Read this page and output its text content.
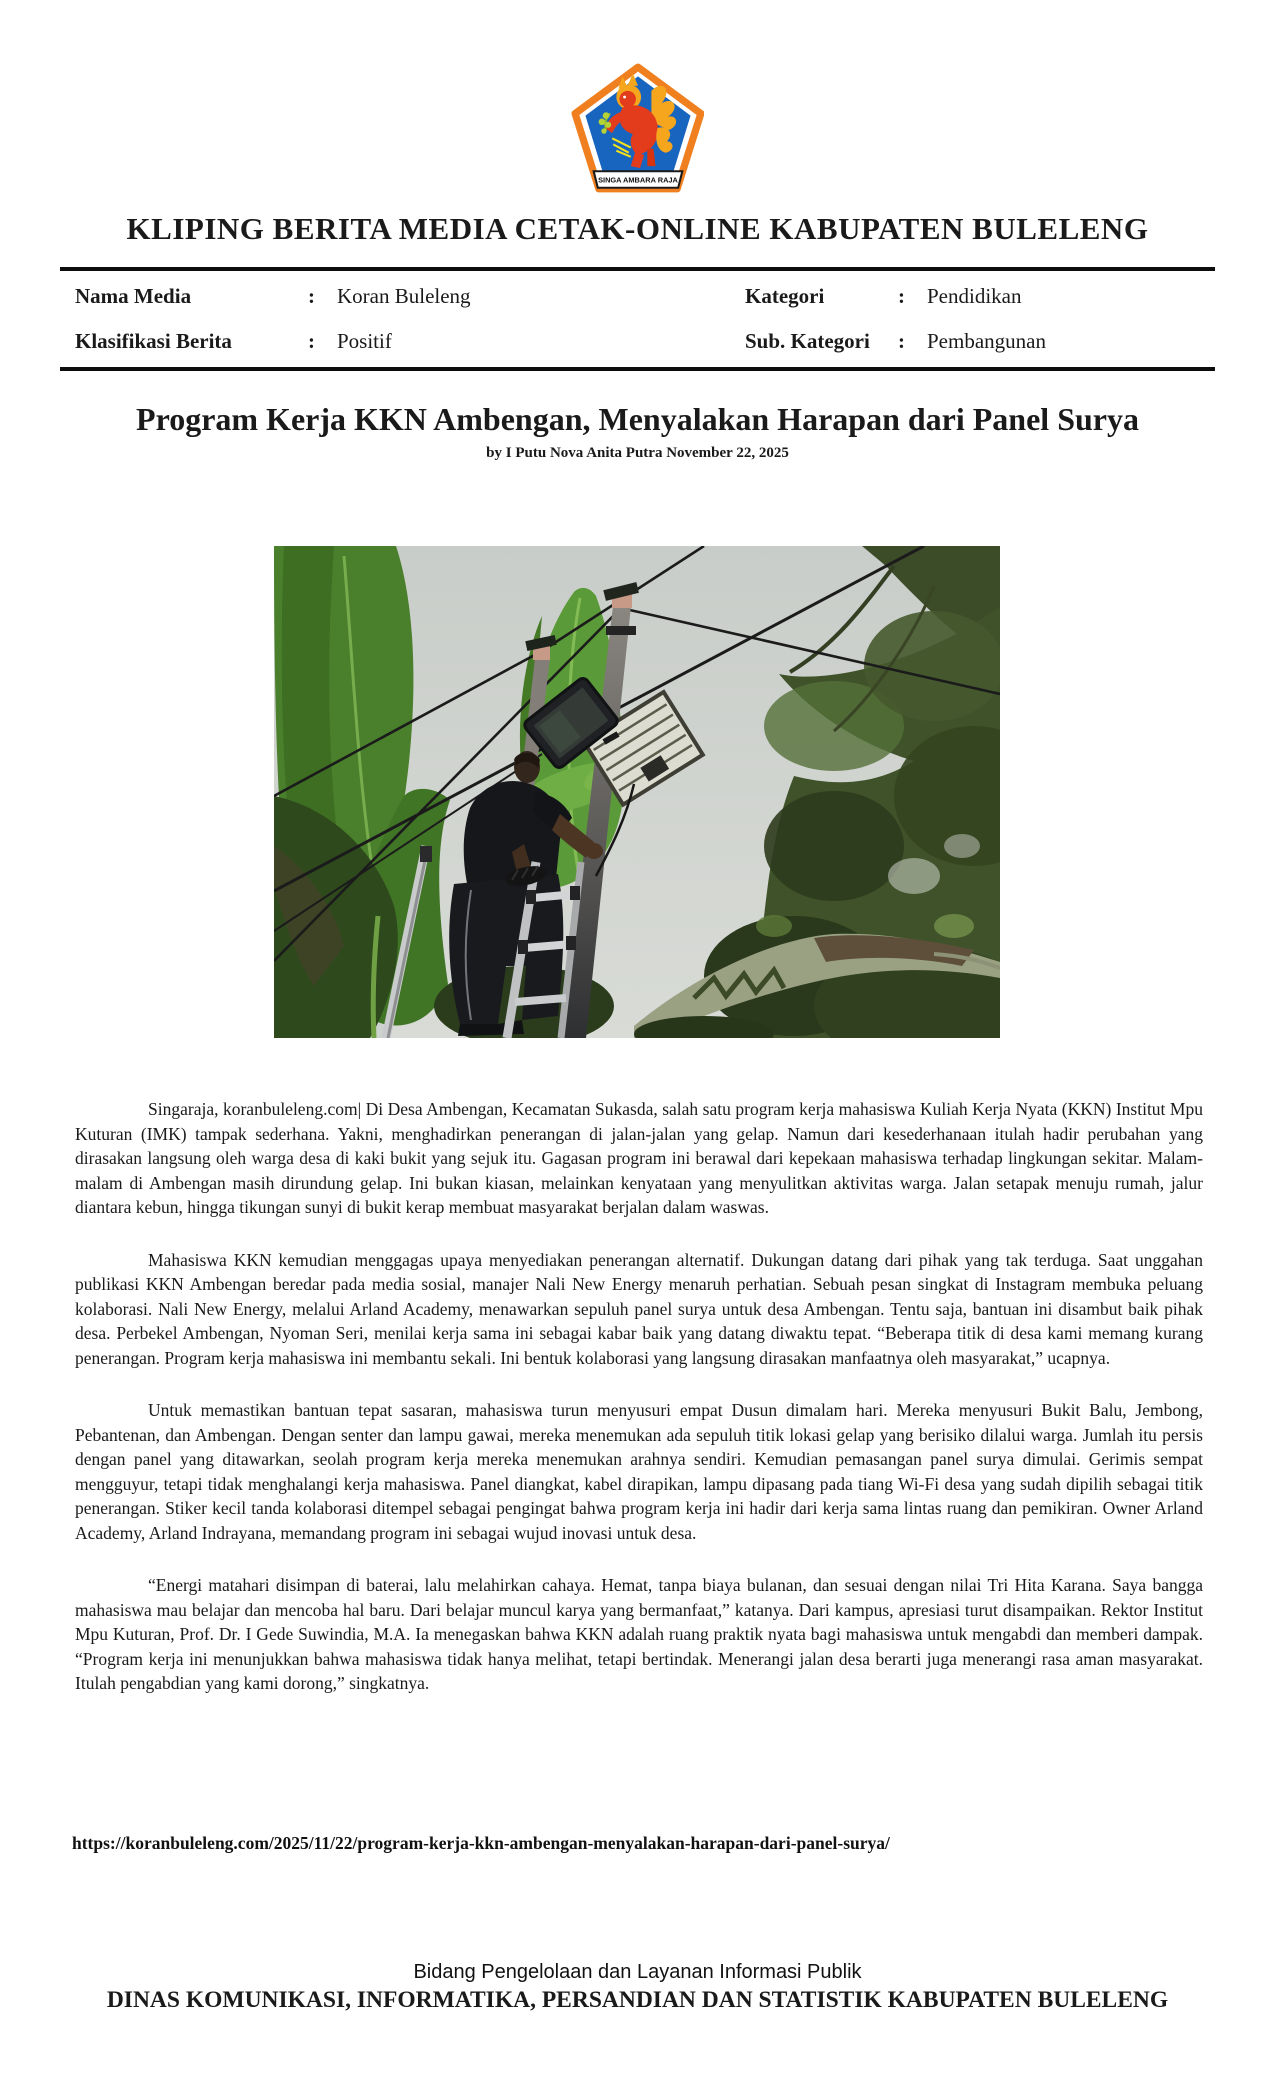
SINGA AMBARA RAJA
KLIPING BERITA MEDIA CETAK-ONLINE KABUPATEN BULELENG
Nama Media	: Koran Buleleng	Kategori	: Pendidikan
Klasifikasi Berita	: Positif	Sub. Kategori : Pembangunan
Program Kerja KKN Ambengan, Menyalakan Harapan dari Panel Surya
by I Putu Nova Anita Putra November 22, 2025

Singaraja, koranbuleleng.com| Di Desa Ambengan, Kecamatan Sukasda, salah satu program kerja mahasiswa Kuliah Kerja Nyata (KKN) Institut Mpu Kuturan (IMK) tampak sederhana. Yakni, menghadirkan penerangan di jalan-jalan yang gelap. Namun dari kesederhanaan itulah hadir perubahan yang dirasakan langsung oleh warga desa di kaki bukit yang sejuk itu. Gagasan program ini berawal dari kepekaan mahasiswa terhadap lingkungan sekitar. Malam-malam di Ambengan masih dirundung gelap. Ini bukan kiasan, melainkan kenyataan yang menyulitkan aktivitas warga. Jalan setapak menuju rumah, jalur diantara kebun, hingga tikungan sunyi di bukit kerap membuat masyarakat berjalan dalam waswas.

Mahasiswa KKN kemudian menggagas upaya menyediakan penerangan alternatif. Dukungan datang dari pihak yang tak terduga. Saat unggahan publikasi KKN Ambengan beredar pada media sosial, manajer Nali New Energy menaruh perhatian. Sebuah pesan singkat di Instagram membuka peluang kolaborasi. Nali New Energy, melalui Arland Academy, menawarkan sepuluh panel surya untuk desa Ambengan. Tentu saja, bantuan ini disambut baik pihak desa. Perbekel Ambengan, Nyoman Seri, menilai kerja sama ini sebagai kabar baik yang datang diwaktu tepat. “Beberapa titik di desa kami memang kurang penerangan. Program kerja mahasiswa ini membantu sekali. Ini bentuk kolaborasi yang langsung dirasakan manfaatnya oleh masyarakat,” ucapnya.

Untuk memastikan bantuan tepat sasaran, mahasiswa turun menyusuri empat Dusun dimalam hari. Mereka menyusuri Bukit Balu, Jembong, Pebantenan, dan Ambengan. Dengan senter dan lampu gawai, mereka menemukan ada sepuluh titik lokasi gelap yang berisiko dilalui warga. Jumlah itu persis dengan panel yang ditawarkan, seolah program kerja mereka menemukan arahnya sendiri. Kemudian pemasangan panel surya dimulai. Gerimis sempat mengguyur, tetapi tidak menghalangi kerja mahasiswa. Panel diangkat, kabel dirapikan, lampu dipasang pada tiang Wi-Fi desa yang sudah dipilih sebagai titik penerangan. Stiker kecil tanda kolaborasi ditempel sebagai pengingat bahwa program kerja ini hadir dari kerja sama lintas ruang dan pemikiran. Owner Arland Academy, Arland Indrayana, memandang program ini sebagai wujud inovasi untuk desa.

“Energi matahari disimpan di baterai, lalu melahirkan cahaya. Hemat, tanpa biaya bulanan, dan sesuai dengan nilai Tri Hita Karana. Saya bangga mahasiswa mau belajar dan mencoba hal baru. Dari belajar muncul karya yang bermanfaat,” katanya. Dari kampus, apresiasi turut disampaikan. Rektor Institut Mpu Kuturan, Prof. Dr. I Gede Suwindia, M.A. Ia menegaskan bahwa KKN adalah ruang praktik nyata bagi mahasiswa untuk mengabdi dan memberi dampak. “Program kerja ini menunjukkan bahwa mahasiswa tidak hanya melihat, tetapi bertindak. Menerangi jalan desa berarti juga menerangi rasa aman masyarakat. Itulah pengabdian yang kami dorong,” singkatnya.

https://koranbuleleng.com/2025/11/22/program-kerja-kkn-ambengan-menyalakan-harapan-dari-panel-surya/
Bidang Pengelolaan dan Layanan Informasi Publik
DINAS KOMUNIKASI, INFORMATIKA, PERSANDIAN DAN STATISTIK KABUPATEN BULELENG
